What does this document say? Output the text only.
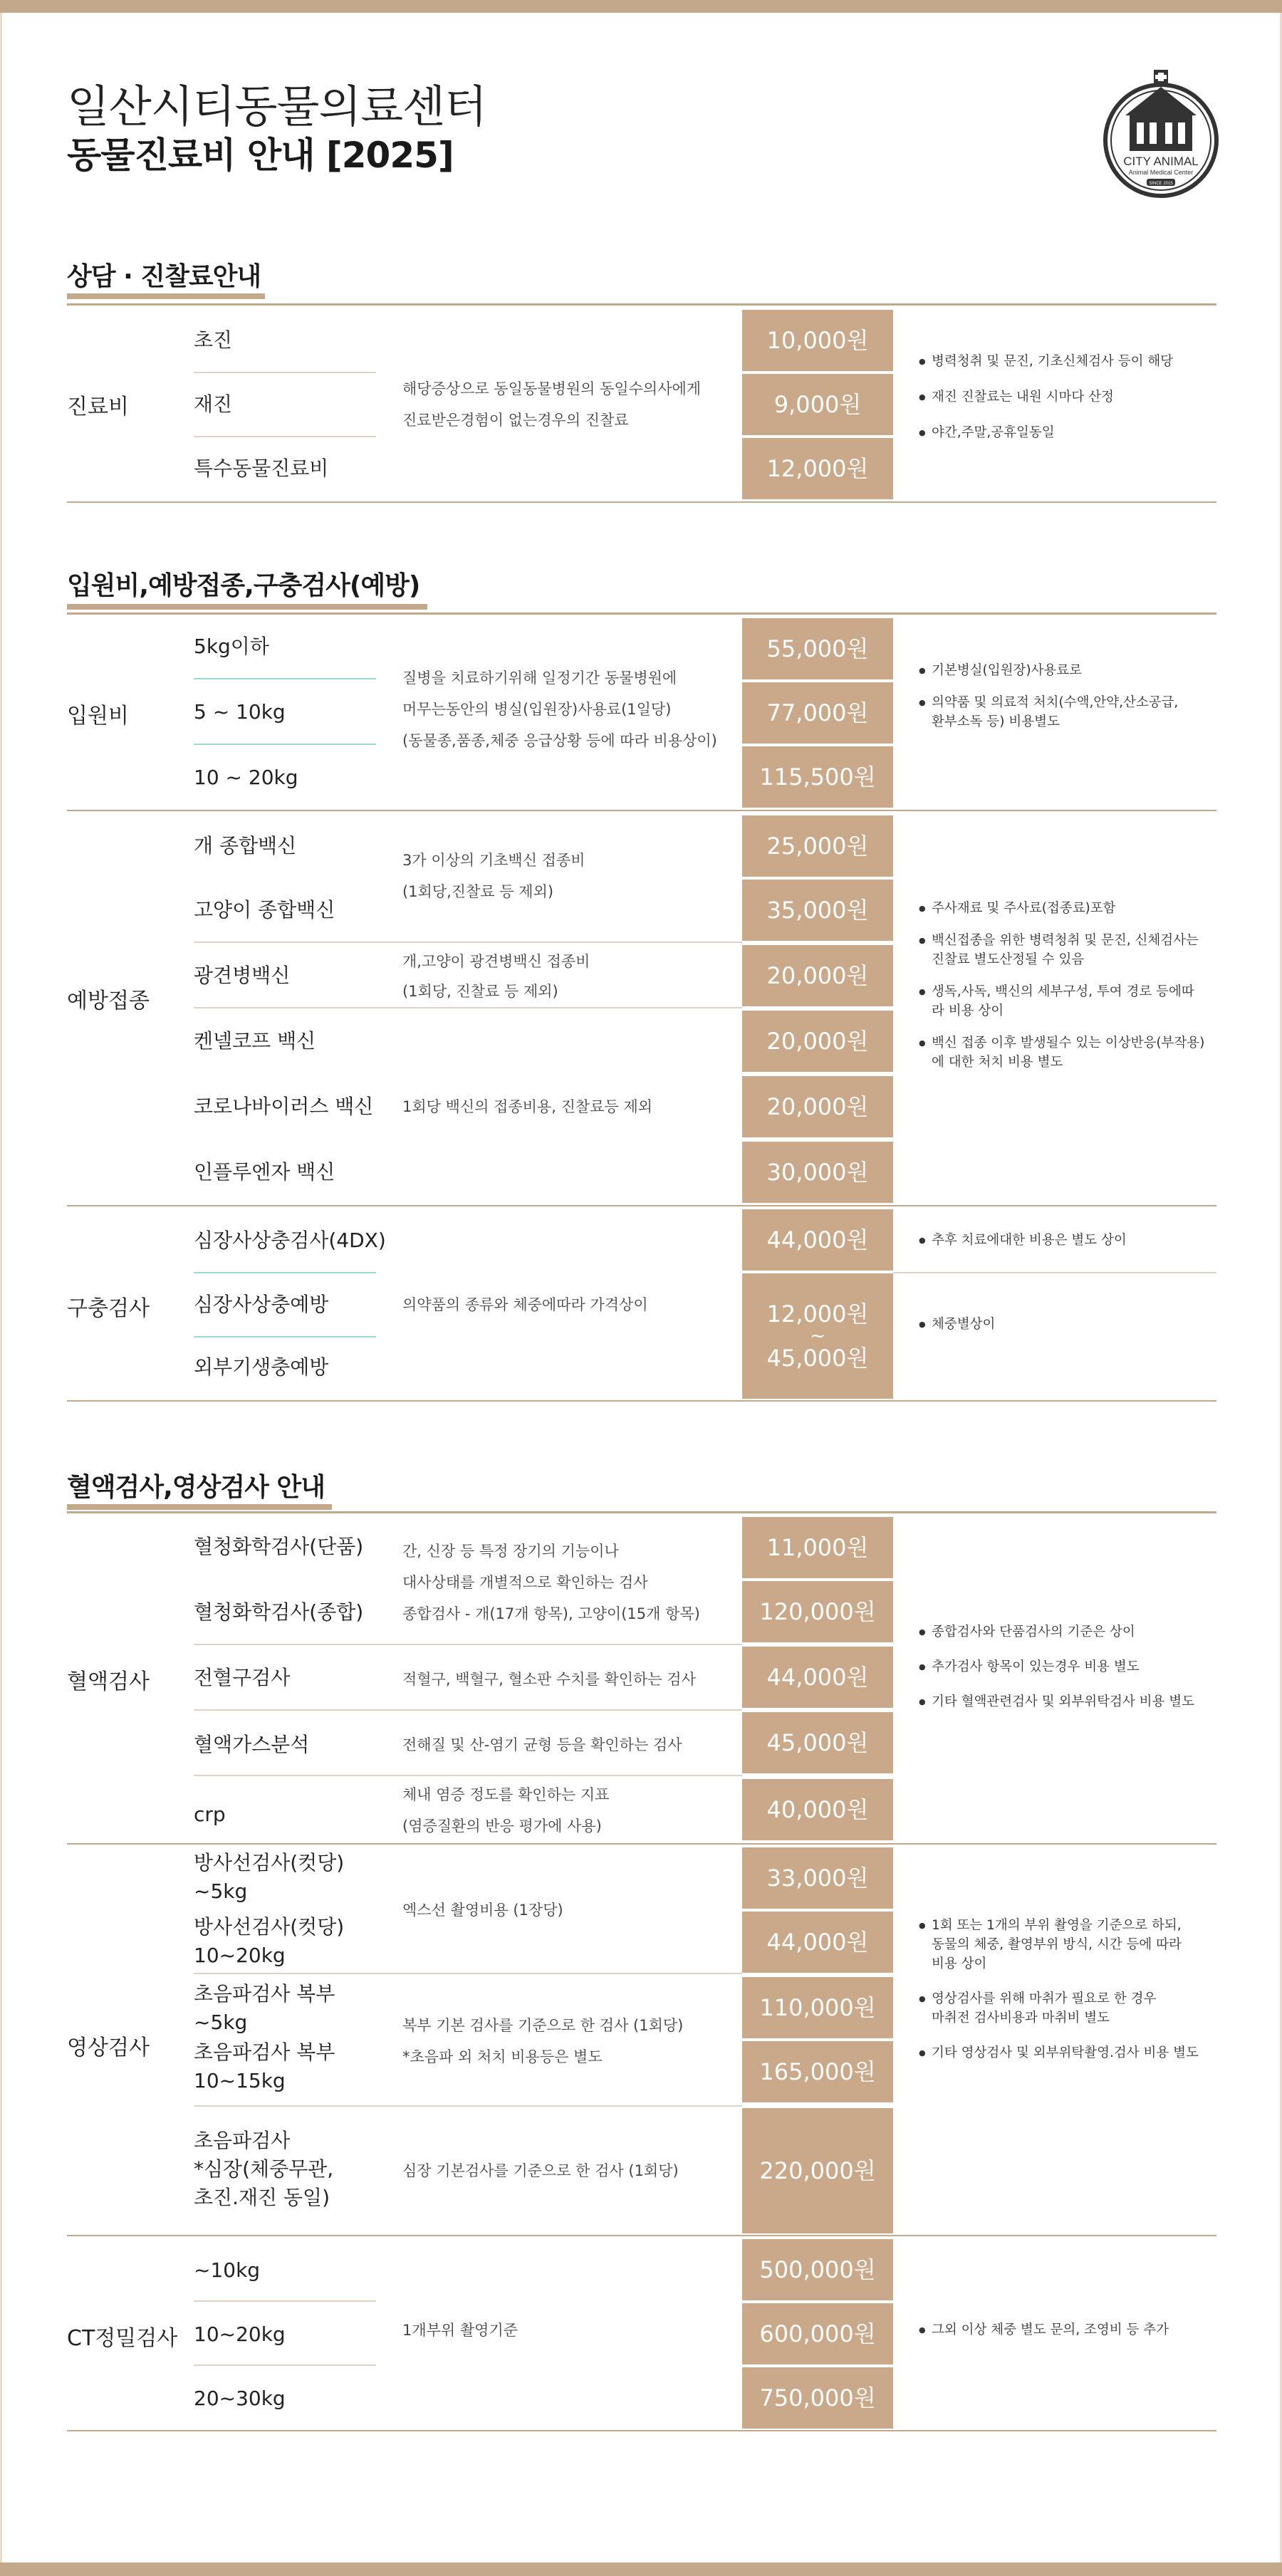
일산시티동물의료센터
동물진료비 안내 [2025]	CITY ANIMAL
Animal Medical Center
SINCE 2015
상담 · 진찰료안내
진료비
초진
재진
특수동물진료비
해당증상으로 동일동물병원의 동일수의사에게
진료받은경험이 없는경우의 진찰료
10,000원
9,000원
12,000원
● 병력청취 및 문진, 기초신체검사 등이 해당
● 재진 진찰료는 내원 시마다 산정
● 야간,주말,공휴일동일
입원비,예방접종,구충검사(예방)
입원비
5kg이하
5 ~ 10kg
10 ~ 20kg
질병을 치료하기위해 일정기간 동물병원에
머무는동안의 병실(입원장)사용료(1일당)
(동물종,품종,체중 응급상황 등에 따라 비용상이)
55,000원
77,000원
115,500원
● 기본병실(입원장)사용료로
● 의약품 및 의료적 처치(수액,안약,산소공급,
환부소독 등) 비용별도
예방접종
개 종합백신
고양이 종합백신
광견병백신
켄넬코프 백신
코로나바이러스 백신
인플루엔자 백신
3가 이상의 기초백신 접종비
(1회당,진찰료 등 제외)
개,고양이 광견병백신 접종비
(1회당, 진찰료 등 제외)
1회당 백신의 접종비용, 진찰료등 제외
25,000원
35,000원
20,000원
20,000원
20,000원
30,000원
● 주사재료 및 주사료(접종료)포함
● 백신접종을 위한 병력청취 및 문진, 신체검사는
진찰료 별도산정될 수 있음
● 생독,사독, 백신의 세부구성, 투여 경로 등에따
라 비용 상이
● 백신 접종 이후 발생될수 있는 이상반응(부작용)
에 대한 처치 비용 별도
구충검사
심장사상충검사(4DX)
심장사상충예방
외부기생충예방
의약품의 종류와 체중에따라 가격상이
44,000원
12,000원
~
45,000원
● 추후 치료에대한 비용은 별도 상이
● 체중별상이
혈액검사,영상검사 안내
혈액검사
혈청화학검사(단품)
혈청화학검사(종합)
전혈구검사
혈액가스분석
crp
간, 신장 등 특정 장기의 기능이나
대사상태를 개별적으로 확인하는 검사
종합검사 - 개(17개 항목), 고양이(15개 항목)
적혈구, 백혈구, 혈소판 수치를 확인하는 검사
전해질 및 산-염기 균형 등을 확인하는 검사
체내 염증 정도를 확인하는 지표
(염증질환의 반응 평가에 사용)
11,000원
120,000원
44,000원
45,000원
40,000원
● 종합검사와 단품검사의 기준은 상이
● 추가검사 항목이 있는경우 비용 별도
● 기타 혈액관련검사 및 외부위탁검사 비용 별도
영상검사
방사선검사(컷당)
~5kg
방사선검사(컷당)
10~20kg
초음파검사 복부
~5kg
초음파검사 복부
10~15kg
초음파검사
*심장(체중무관,
초진.재진 동일)
엑스선 촬영비용 (1장당)
복부 기본 검사를 기준으로 한 검사 (1회당)
*초음파 외 처치 비용등은 별도
심장 기본검사를 기준으로 한 검사 (1회당)
33,000원
44,000원
110,000원
165,000원
220,000원
● 1회 또는 1개의 부위 촬영을 기준으로 하되,
동물의 체중, 촬영부위 방식, 시간 등에 따라
비용 상이
● 영상검사를 위해 마취가 필요로 한 경우
마취전 검사비용과 마취비 별도
● 기타 영상검사 및 외부위탁촬영.검사 비용 별도
CT정밀검사
~10kg
10~20kg
20~30kg
1개부위 촬영기준
500,000원
600,000원
750,000원
● 그외 이상 체중 별도 문의, 조영비 등 추가
